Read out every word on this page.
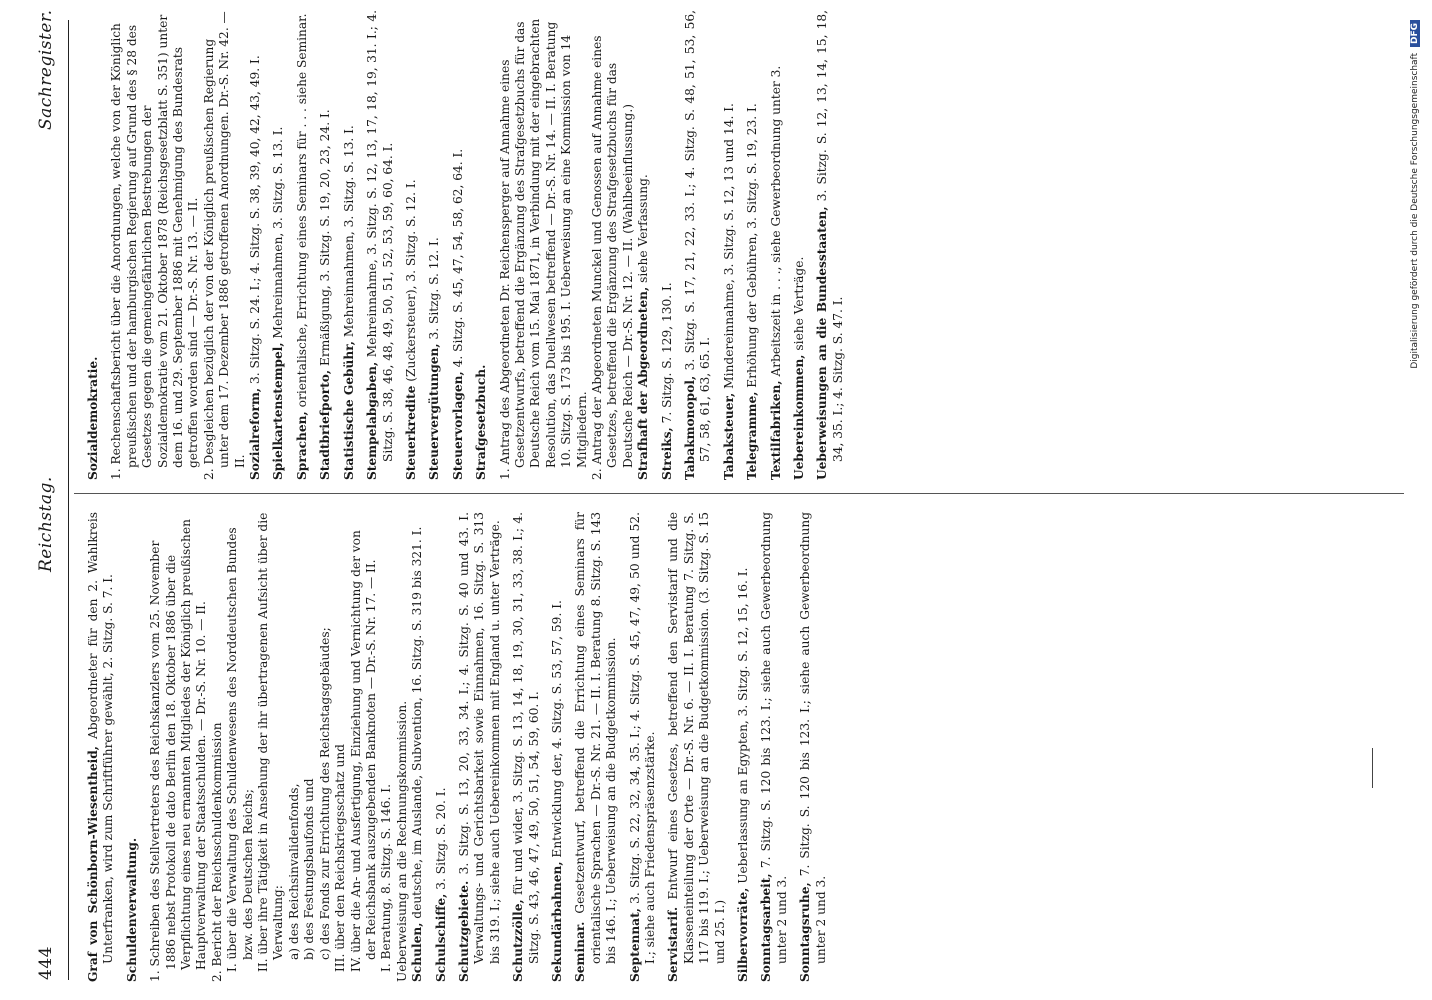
444
Reichstag.
Sachregister.

Graf von Schönborn-Wiesentheid, Abgeordneter für den 2. Wahlkreis Unterfranken, wird zum Schriftführer gewählt, 2. Sitzg. S. 7. I. Schuldenverwaltung. 1. Schreiben des Stellvertreters des Reichskanzlers vom 25. November 1886 nebst Protokoll de dato Berlin den 18. Oktober 1886 über die Verpflichtung eines neu ernannten Mitgliedes der Königlich preußischen Hauptverwaltung der Staatsschulden. — Dr.-S. Nr. 10. — II. 2. Bericht der Reichsschuldenkommission I. über die Verwaltung des Schuldenwesens des Norddeutschen Bundes bzw. des Deutschen Reichs; II. über ihre Tätigkeit in Ansehung der ihr übertragenen Aufsicht über die Verwaltung: a) des Reichsinvalidenfonds, b) des Festungsbaufonds und c) des Fonds zur Errichtung des Reichstagsgebäudes; III. über den Reichskriegsschatz und IV. über die An- und Ausfertigung, Einziehung und Vernichtung der von der Reichsbank auszugebenden Banknoten — Dr.-S. Nr. 17. — II. I. Beratung, 8. Sitzg. S. 146. I. Ueberweisung an die Rechnungskommission. Schulen, deutsche, im Auslande, Subvention, 16. Sitzg. S. 319 bis 321. I.

Schulschiffe, 3. Sitzg. S. 20. I.

Schutzgebiete. 3. Sitzg. S. 13, 20, 33, 34. I.; 4. Sitzg. S. 40 und 43. I. Verwaltungs- und Gerichtsbarkeit sowie Einnahmen, 16. Sitzg. S. 313 bis 319. I.; siehe auch Uebereinkommen mit England u. unter Verträge. Schutzzölle, für und wider, 3. Sitzg. S. 13, 14, 18, 19, 30, 31, 33, 38. I.; 4. Sitzg. S. 43, 46, 47, 49, 50, 51, 54, 59, 60. I. Sekundärbahnen, Entwicklung der, 4. Sitzg. S. 53, 57, 59. I.

Seminar. Gesetzentwurf, betreffend die Errichtung eines Seminars für orientalische Sprachen — Dr.-S. Nr. 21. — II. I. Beratung 8. Sitzg. S. 143 bis 146. I.; Ueberweisung an die Budgetkommission. Septennat, 3. Sitzg. S. 22, 32, 34, 35. I.; 4. Sitzg. S. 45, 47, 49, 50 und 52. I.; siehe auch Friedenspräsenzstärke. Servistarif. Entwurf eines Gesetzes, betreffend den Servistarif und die Klasseneinteilung der Orte — Dr.-S. Nr. 6. — II. I. Beratung 7. Sitzg. S. 117 bis 119. I.; Ueberweisung an die Budgetkommission. (3. Sitzg. S. 15 und 25. I.) Silbervorräte, Ueberlassung an Egypten, 3. Sitzg. S. 12, 15, 16. I.

Sonntagsarbeit, 7. Sitzg. S. 120 bis 123. I.; siehe auch Gewerbeordnung unter 2 und 3. Sonntagsruhe, 7. Sitzg. S. 120 bis 123. I.; siehe auch Gewerbeordnung unter 2 und 3.

Sozialdemokratie. 1. Rechenschaftsbericht über die Anordnungen, welche von der Königlich preußischen und der hamburgischen Regierung auf Grund des § 28 des Gesetzes gegen die gemeingefährlichen Bestrebungen der Sozialdemokratie vom 21. Oktober 1878 (Reichsgesetzblatt S. 351) unter dem 16. und 29. September 1886 mit Genehmigung des Bundesrats getroffen worden sind — Dr.-S. Nr. 13. — II. 2. Desgleichen bezüglich der von der Königlich preußischen Regierung unter dem 17. Dezember 1886 getroffenen Anordnungen. Dr.-S. Nr. 42. — II. Sozialreform, 3. Sitzg. S. 24. I.; 4. Sitzg. S. 38, 39, 40, 42, 43, 49. I.

Spielkartenstempel, Mehreinnahmen, 3. Sitzg. S. 13. I.

Sprachen, orientalische, Errichtung eines Seminars für . . . siehe Seminar.

Stadtbriefporto, Ermäßigung, 3. Sitzg. S. 19, 20, 23, 24. I.

Statistische Gebühr, Mehreinnahmen, 3. Sitzg. S. 13. I.

Stempelabgaben, Mehreinnahme, 3. Sitzg. S. 12, 13, 17, 18, 19, 31. I.; 4. Sitzg. S. 38, 46, 48, 49, 50, 51, 52, 53, 59, 60, 64. I. Steuerkredite (Zuckersteuer), 3. Sitzg. S. 12. I.

Steuervergütungen, 3. Sitzg. S. 12. I.

Steuervorlagen, 4. Sitzg. S. 45, 47, 54, 58, 62, 64. I.

Strafgesetzbuch. 1. Antrag des Abgeordneten Dr. Reichensperger auf Annahme eines Gesetzentwurfs, betreffend die Ergänzung des Strafgesetzbuchs für das Deutsche Reich vom 15. Mai 1871, in Verbindung mit der eingebrachten Resolution, das Duellwesen betreffend — Dr.-S. Nr. 14. — II. I. Beratung 10. Sitzg. S. 173 bis 195. I. Ueberweisung an eine Kommission von 14 Mitgliedern. 2. Antrag der Abgeordneten Munckel und Genossen auf Annahme eines Gesetzes, betreffend die Ergänzung des Strafgesetzbuchs für das Deutsche Reich — Dr.-S. Nr. 12. — II. (Wahlbeeinflussung.) Strafhaft der Abgeordneten, siehe Verfassung.

Streiks, 7. Sitzg. S. 129, 130. I.

Tabakmonopol, 3. Sitzg. S. 17, 21, 22, 33. I.; 4. Sitzg. S. 48, 51, 53, 56, 57, 58, 61, 63, 65. I. Tabaksteuer, Mindereinnahme, 3. Sitzg. S. 12, 13 und 14. I.

Telegramme, Erhöhung der Gebühren, 3. Sitzg. S. 19, 23. I.

Textilfabriken, Arbeitszeit in . . ., siehe Gewerbeordnung unter 3.

Uebereinkommen, siehe Verträge. Ueberweisungen an die Bundesstaaten, 3. Sitzg. S. 12, 13, 14, 15, 18, 34, 35. I.; 4. Sitzg. S. 47. I.

Digitalisierung gefördert durch die Deutsche Forschungsgemeinschaft DFG
